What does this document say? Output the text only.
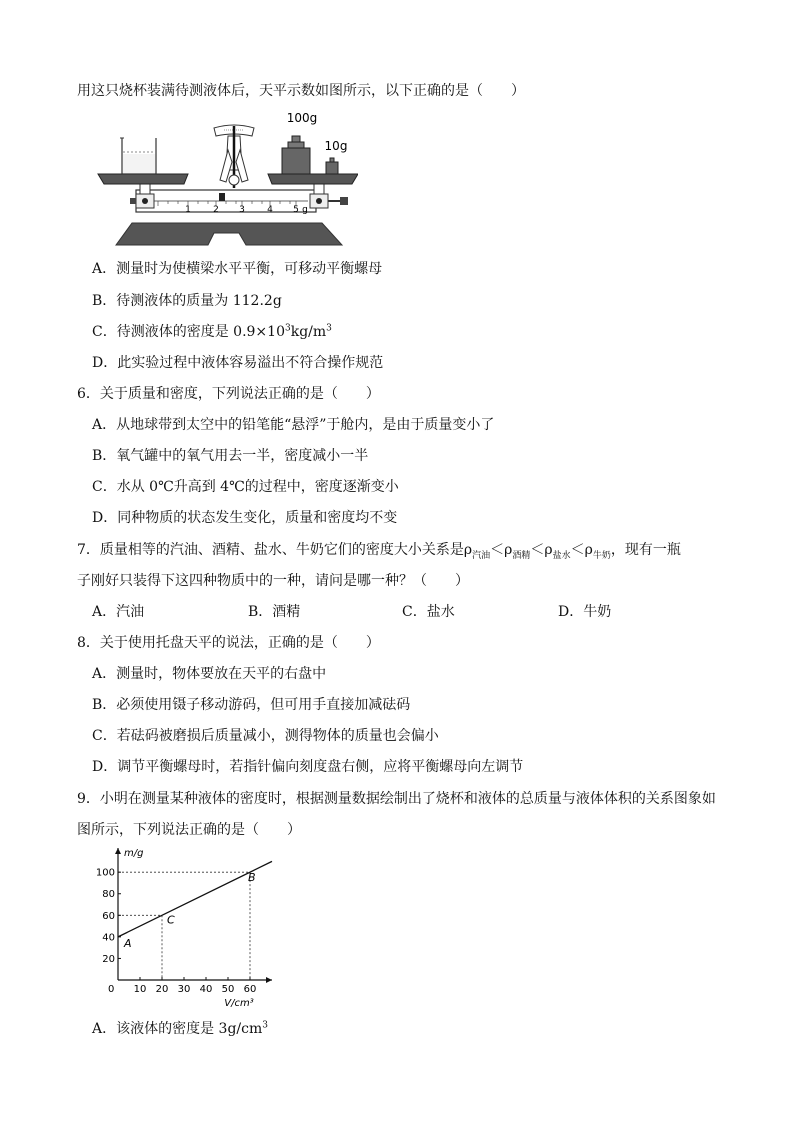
用这只烧杯装满待测液体后，天平示数如图所示，以下正确的是（　　）
1 2 3 4 5 g
100g
10g
A．测量时为使横梁水平平衡，可移动平衡螺母
B．待测液体的质量为 112.2g
C．待测液体的密度是 $0.9\times 10^3kg/m^3$
D．此实验过程中液体容易溢出不符合操作规范
6．关于质量和密度，下列说法正确的是（　　）
A．从地球带到太空中的铅笔能“悬浮”于舱内，是由于质量变小了
B．氧气罐中的氧气用去一半，密度减小一半
C．水从 0℃升高到 4℃的过程中，密度逐渐变小
D．同种物质的状态发生变化，质量和密度均不变
7．质量相等的汽油、酒精、盐水、牛奶它们的密度大小关系是$\rho_{汽油}<\rho_{酒精}<\rho_{盐水}<\rho_{牛奶}$，现有一瓶
子刚好只装得下这四种物质中的一种，请问是哪一种？（　　）
A．汽油	B．酒精	C．盐水	D．牛奶
8．关于使用托盘天平的说法，正确的是（　　）
A．测量时，物体要放在天平的右盘中
B．必须使用镊子移动游码，但可用手直接加减砝码
C．若砝码被磨损后质量减小，测得物体的质量也会偏小
D．调节平衡螺母时，若指针偏向刻度盘右侧，应将平衡螺母向左调节
9．小明在测量某种液体的密度时，根据测量数据绘制出了烧杯和液体的总质量与液体体积的关系图象如
图所示，下列说法正确的是（　　）
m/g
V/cm³
0 10 20 30 40 50 60
20
40
60
80
100
A
C
B
A．该液体的密度是 $3g/cm^3$
